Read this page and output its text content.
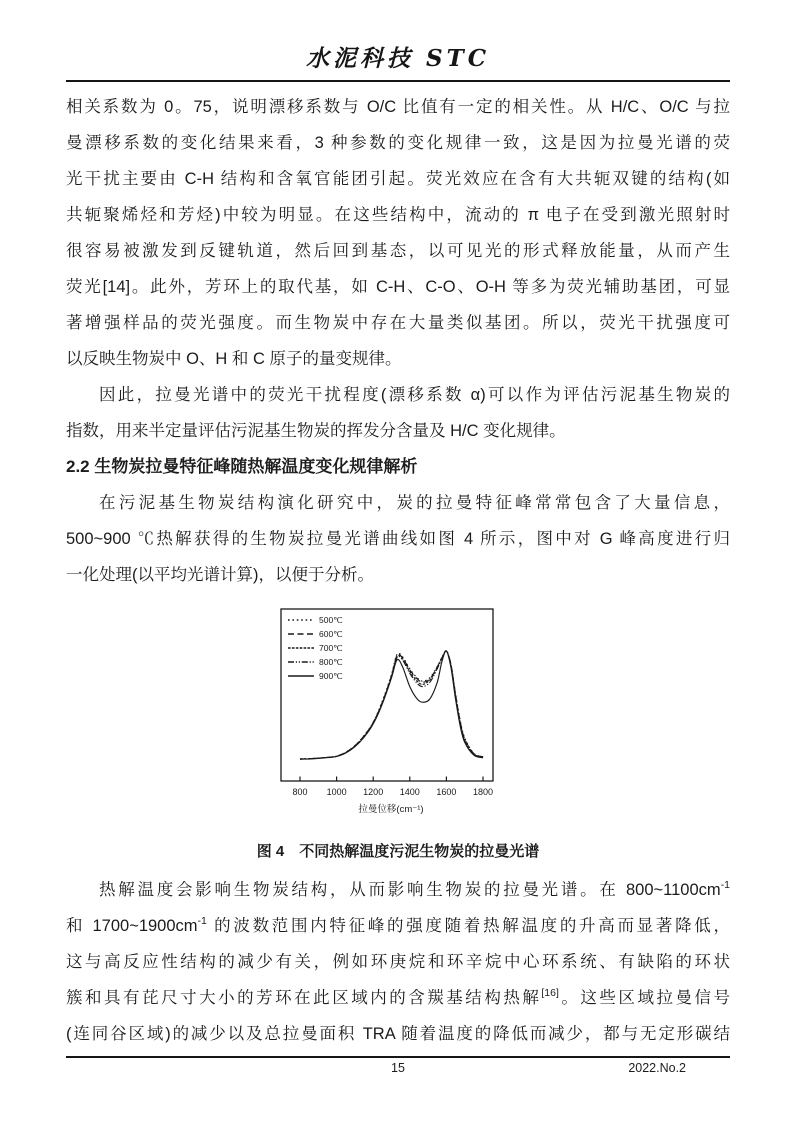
水泥科技 STC
相关系数为 0。75，说明漂移系数与 O/C 比值有一定的相关性。从 H/C、O/C 与拉
曼漂移系数的变化结果来看，3 种参数的变化规律一致，这是因为拉曼光谱的荧
光干扰主要由 C-H 结构和含氧官能团引起。荧光效应在含有大共轭双键的结构(如
共轭聚烯烃和芳烃)中较为明显。在这些结构中，流动的 π 电子在受到激光照射时
很容易被激发到反键轨道，然后回到基态，以可见光的形式释放能量，从而产生
荧光[14]。此外，芳环上的取代基，如 C-H、C-O、O-H 等多为荧光辅助基团，可显
著增强样品的荧光强度。而生物炭中存在大量类似基团。所以，荧光干扰强度可
以反映生物炭中 O、H 和 C 原子的量变规律。
因此，拉曼光谱中的荧光干扰程度(漂移系数 α)可以作为评估污泥基生物炭的
指数，用来半定量评估污泥基生物炭的挥发分含量及 H/C 变化规律。
2.2 生物炭拉曼特征峰随热解温度变化规律解析
在污泥基生物炭结构演化研究中，炭的拉曼特征峰常常包含了大量信息，
500~900 ℃热解获得的生物炭拉曼光谱曲线如图 4 所示，图中对 G 峰高度进行归
一化处理(以平均光谱计算)，以便于分析。
800 1000 1200 1400 1600 1800
拉曼位移(cm⁻¹)
500℃
600℃
700℃
800℃
900℃
图 4　不同热解温度污泥生物炭的拉曼光谱
热解温度会影响生物炭结构，从而影响生物炭的拉曼光谱。在 $800\sim 1100cm^{-1}$
和 $1700\sim 1900cm^{-1}$ 的波数范围内特征峰的强度随着热解温度的升高而显著降低，
这与高反应性结构的减少有关，例如环庚烷和环辛烷中心环系统、有缺陷的环状
簇和具有芘尺寸大小的芳环在此区域内的含羰基结构热解[16]。这些区域拉曼信号
(连同谷区域)的减少以及总拉曼面积 TRA 随着温度的降低而减少，都与无定形碳结
15	2022.No.2
